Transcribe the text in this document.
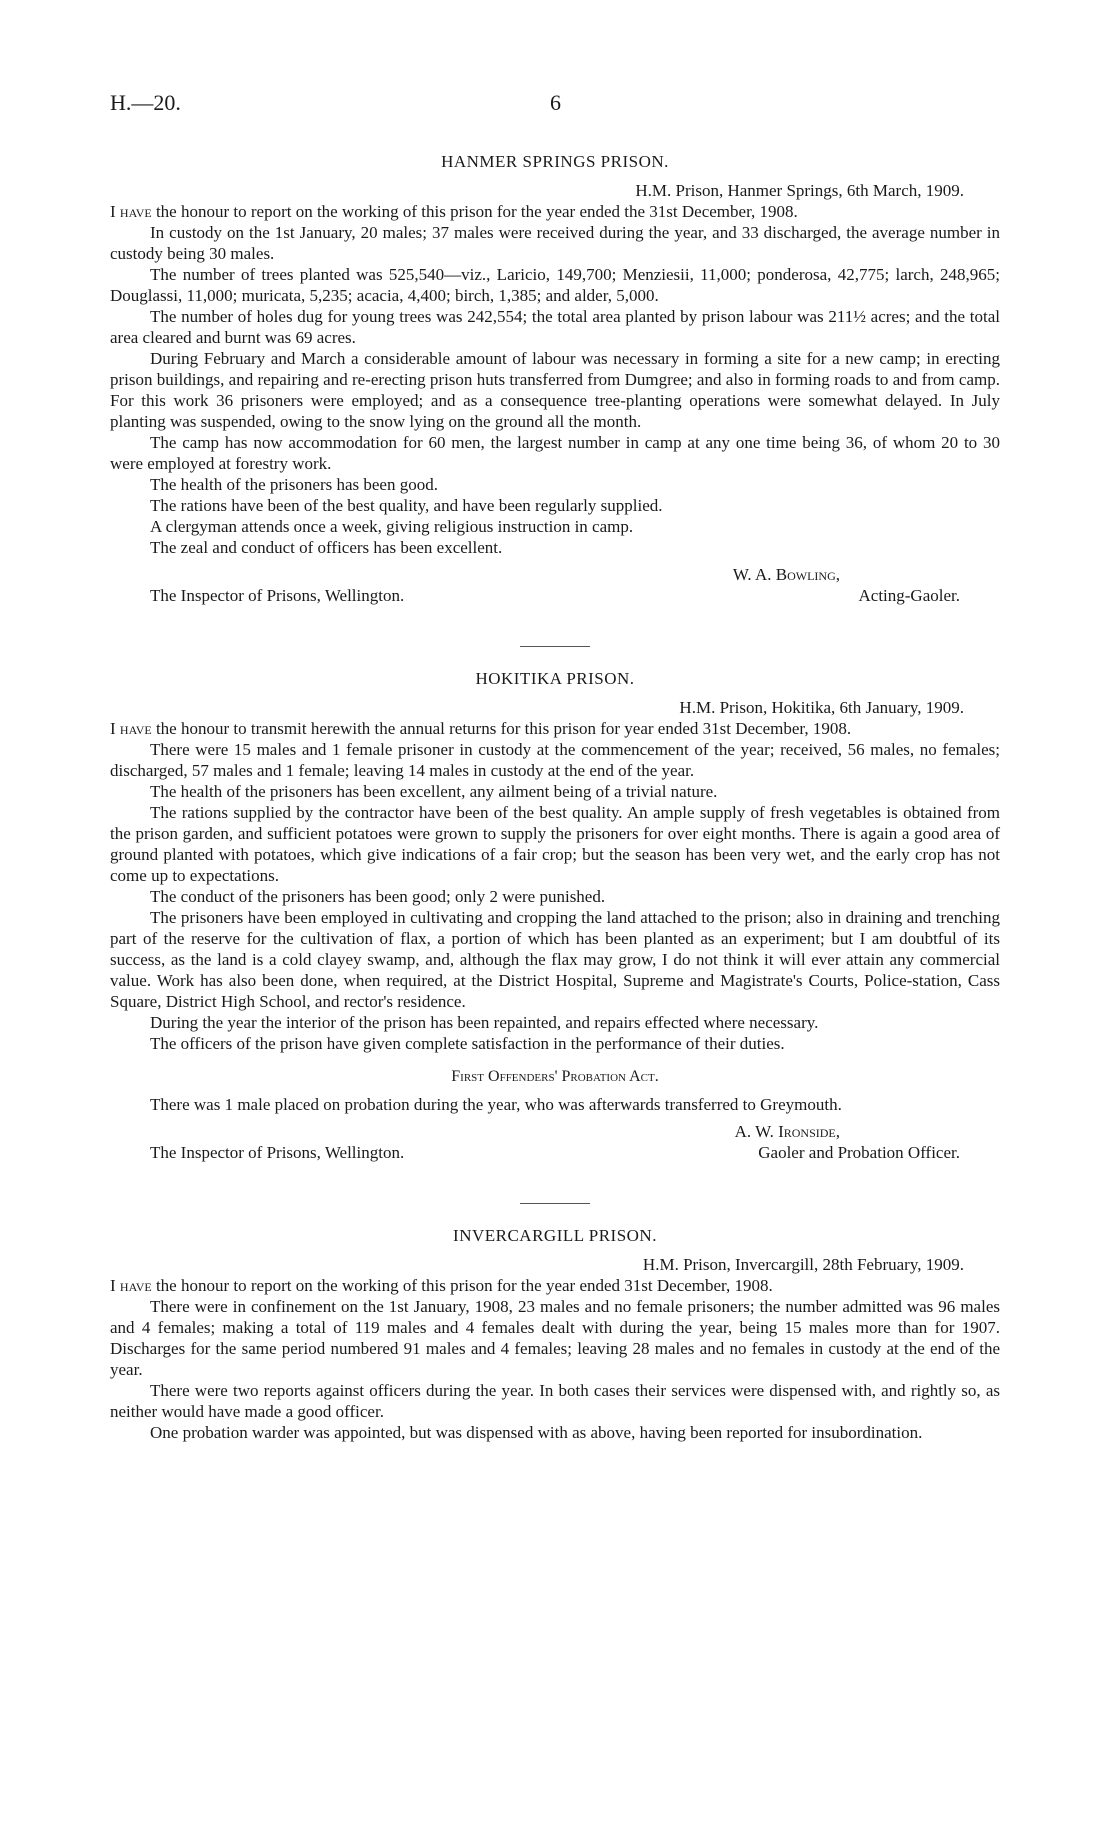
H.—20.	6
HANMER SPRINGS PRISON.
H.M. Prison, Hanmer Springs, 6th March, 1909.

I have the honour to report on the working of this prison for the year ended the 31st December, 1908.

In custody on the 1st January, 20 males; 37 males were received during the year, and 33 discharged, the average number in custody being 30 males.

The number of trees planted was 525,540—viz., Laricio, 149,700; Menziesii, 11,000; ponderosa, 42,775; larch, 248,965; Douglassi, 11,000; muricata, 5,235; acacia, 4,400; birch, 1,385; and alder, 5,000.

The number of holes dug for young trees was 242,554; the total area planted by prison labour was 211½ acres; and the total area cleared and burnt was 69 acres.

During February and March a considerable amount of labour was necessary in forming a site for a new camp; in erecting prison buildings, and repairing and re-erecting prison huts transferred from Dumgree; and also in forming roads to and from camp. For this work 36 prisoners were employed; and as a consequence tree-planting operations were somewhat delayed. In July planting was suspended, owing to the snow lying on the ground all the month.

The camp has now accommodation for 60 men, the largest number in camp at any one time being 36, of whom 20 to 30 were employed at forestry work.

The health of the prisoners has been good.

The rations have been of the best quality, and have been regularly supplied.

A clergyman attends once a week, giving religious instruction in camp.

The zeal and conduct of officers has been excellent.

The Inspector of Prisons, Wellington.
W. A. Bowling,
Acting-Gaoler.
HOKITIKA PRISON.
H.M. Prison, Hokitika, 6th January, 1909.

I have the honour to transmit herewith the annual returns for this prison for year ended 31st December, 1908.

There were 15 males and 1 female prisoner in custody at the commencement of the year; received, 56 males, no females; discharged, 57 males and 1 female; leaving 14 males in custody at the end of the year.

The health of the prisoners has been excellent, any ailment being of a trivial nature.

The rations supplied by the contractor have been of the best quality. An ample supply of fresh vegetables is obtained from the prison garden, and sufficient potatoes were grown to supply the prisoners for over eight months. There is again a good area of ground planted with potatoes, which give indications of a fair crop; but the season has been very wet, and the early crop has not come up to expectations.

The conduct of the prisoners has been good; only 2 were punished.

The prisoners have been employed in cultivating and cropping the land attached to the prison; also in draining and trenching part of the reserve for the cultivation of flax, a portion of which has been planted as an experiment; but I am doubtful of its success, as the land is a cold clayey swamp, and, although the flax may grow, I do not think it will ever attain any commercial value. Work has also been done, when required, at the District Hospital, Supreme and Magistrate's Courts, Police-station, Cass Square, District High School, and rector's residence.

During the year the interior of the prison has been repainted, and repairs effected where necessary.

The officers of the prison have given complete satisfaction in the performance of their duties.

First Offenders' Probation Act.

There was 1 male placed on probation during the year, who was afterwards transferred to Greymouth.

The Inspector of Prisons, Wellington.
A. W. Ironside,
Gaoler and Probation Officer.
INVERCARGILL PRISON.
H.M. Prison, Invercargill, 28th February, 1909.

I have the honour to report on the working of this prison for the year ended 31st December, 1908.

There were in confinement on the 1st January, 1908, 23 males and no female prisoners; the number admitted was 96 males and 4 females; making a total of 119 males and 4 females dealt with during the year, being 15 males more than for 1907. Discharges for the same period numbered 91 males and 4 females; leaving 28 males and no females in custody at the end of the year.

There were two reports against officers during the year. In both cases their services were dispensed with, and rightly so, as neither would have made a good officer.

One probation warder was appointed, but was dispensed with as above, having been reported for insubordination.
